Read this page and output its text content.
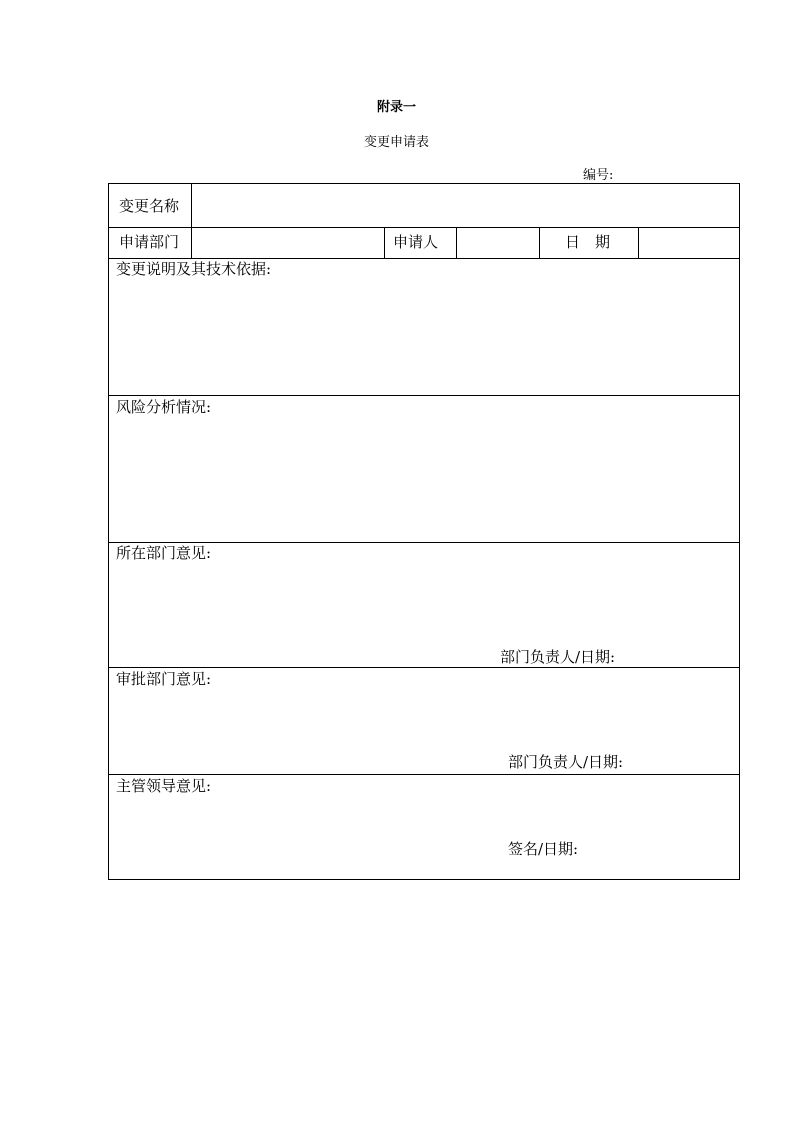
附录一
变更申请表
编号:
变更名称
申请部门	申请人	日　期
变更说明及其技术依据:
风险分析情况:
所在部门意见:
部门负责人/日期:
审批部门意见:
部门负责人/日期:
主管领导意见:
签名/日期:
